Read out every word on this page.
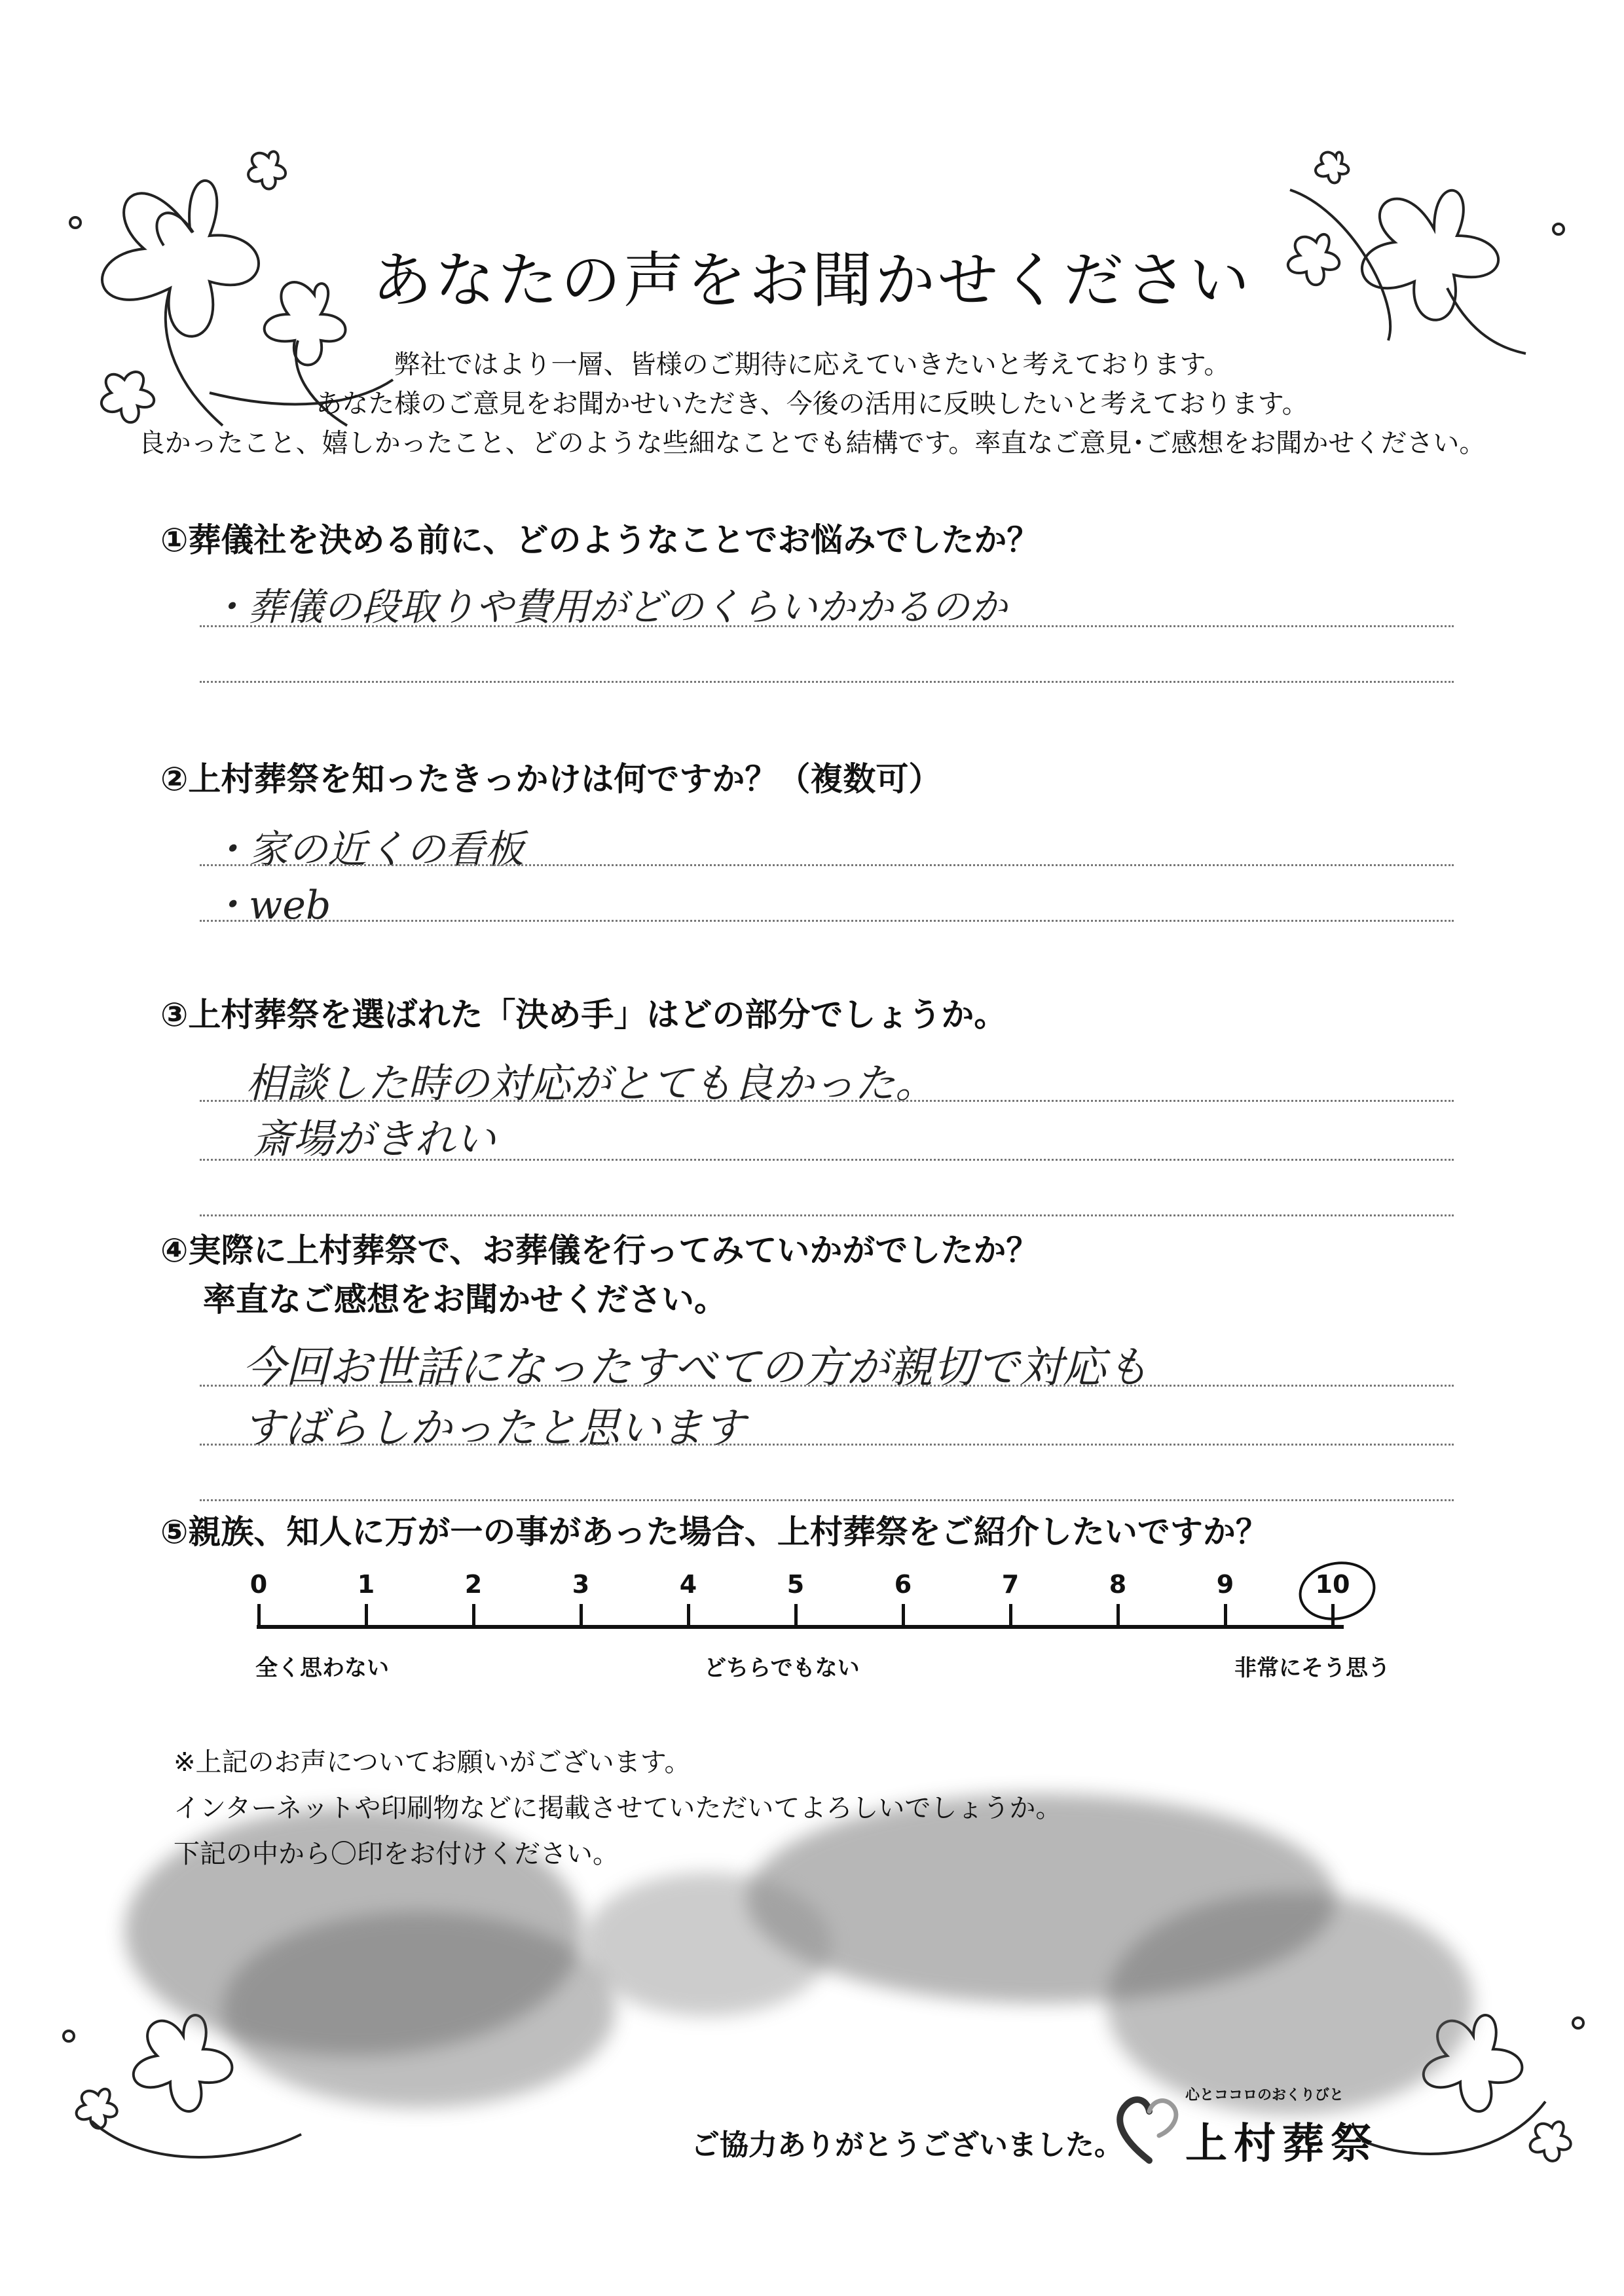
あなたの声をお聞かせください
弊社ではより一層、皆様のご期待に応えていきたいと考えております。
あなた様のご意見をお聞かせいただき、今後の活用に反映したいと考えております。
良かったこと、嬉しかったこと、どのような些細なことでも結構です。率直なご意見･ご感想をお聞かせください。
①葬儀社を決める前に、どのようなことでお悩みでしたか？
・葬儀の段取りや費用がどのくらいかかるのか
②上村葬祭を知ったきっかけは何ですか？（複数可）
・家の近くの看板
・web
③上村葬祭を選ばれた「決め手」はどの部分でしょうか。
相談した時の対応がとても良かった。
斎場がきれい
④実際に上村葬祭で、お葬儀を行ってみていかがでしたか？
率直なご感想をお聞かせください。
今回お世話になったすべての方が親切で対応も
すばらしかったと思います
⑤親族、知人に万が一の事があった場合、上村葬祭をご紹介したいですか？
0	1	2	3	4	5	6	7	8	9	10
全く思わない	どちらでもない	非常にそう思う
※上記のお声についてお願いがございます。
インターネットや印刷物などに掲載させていただいてよろしいでしょうか。
下記の中から〇印をお付けください。
ご協力ありがとうございました。
心とココロのおくりびと
上村葬祭
